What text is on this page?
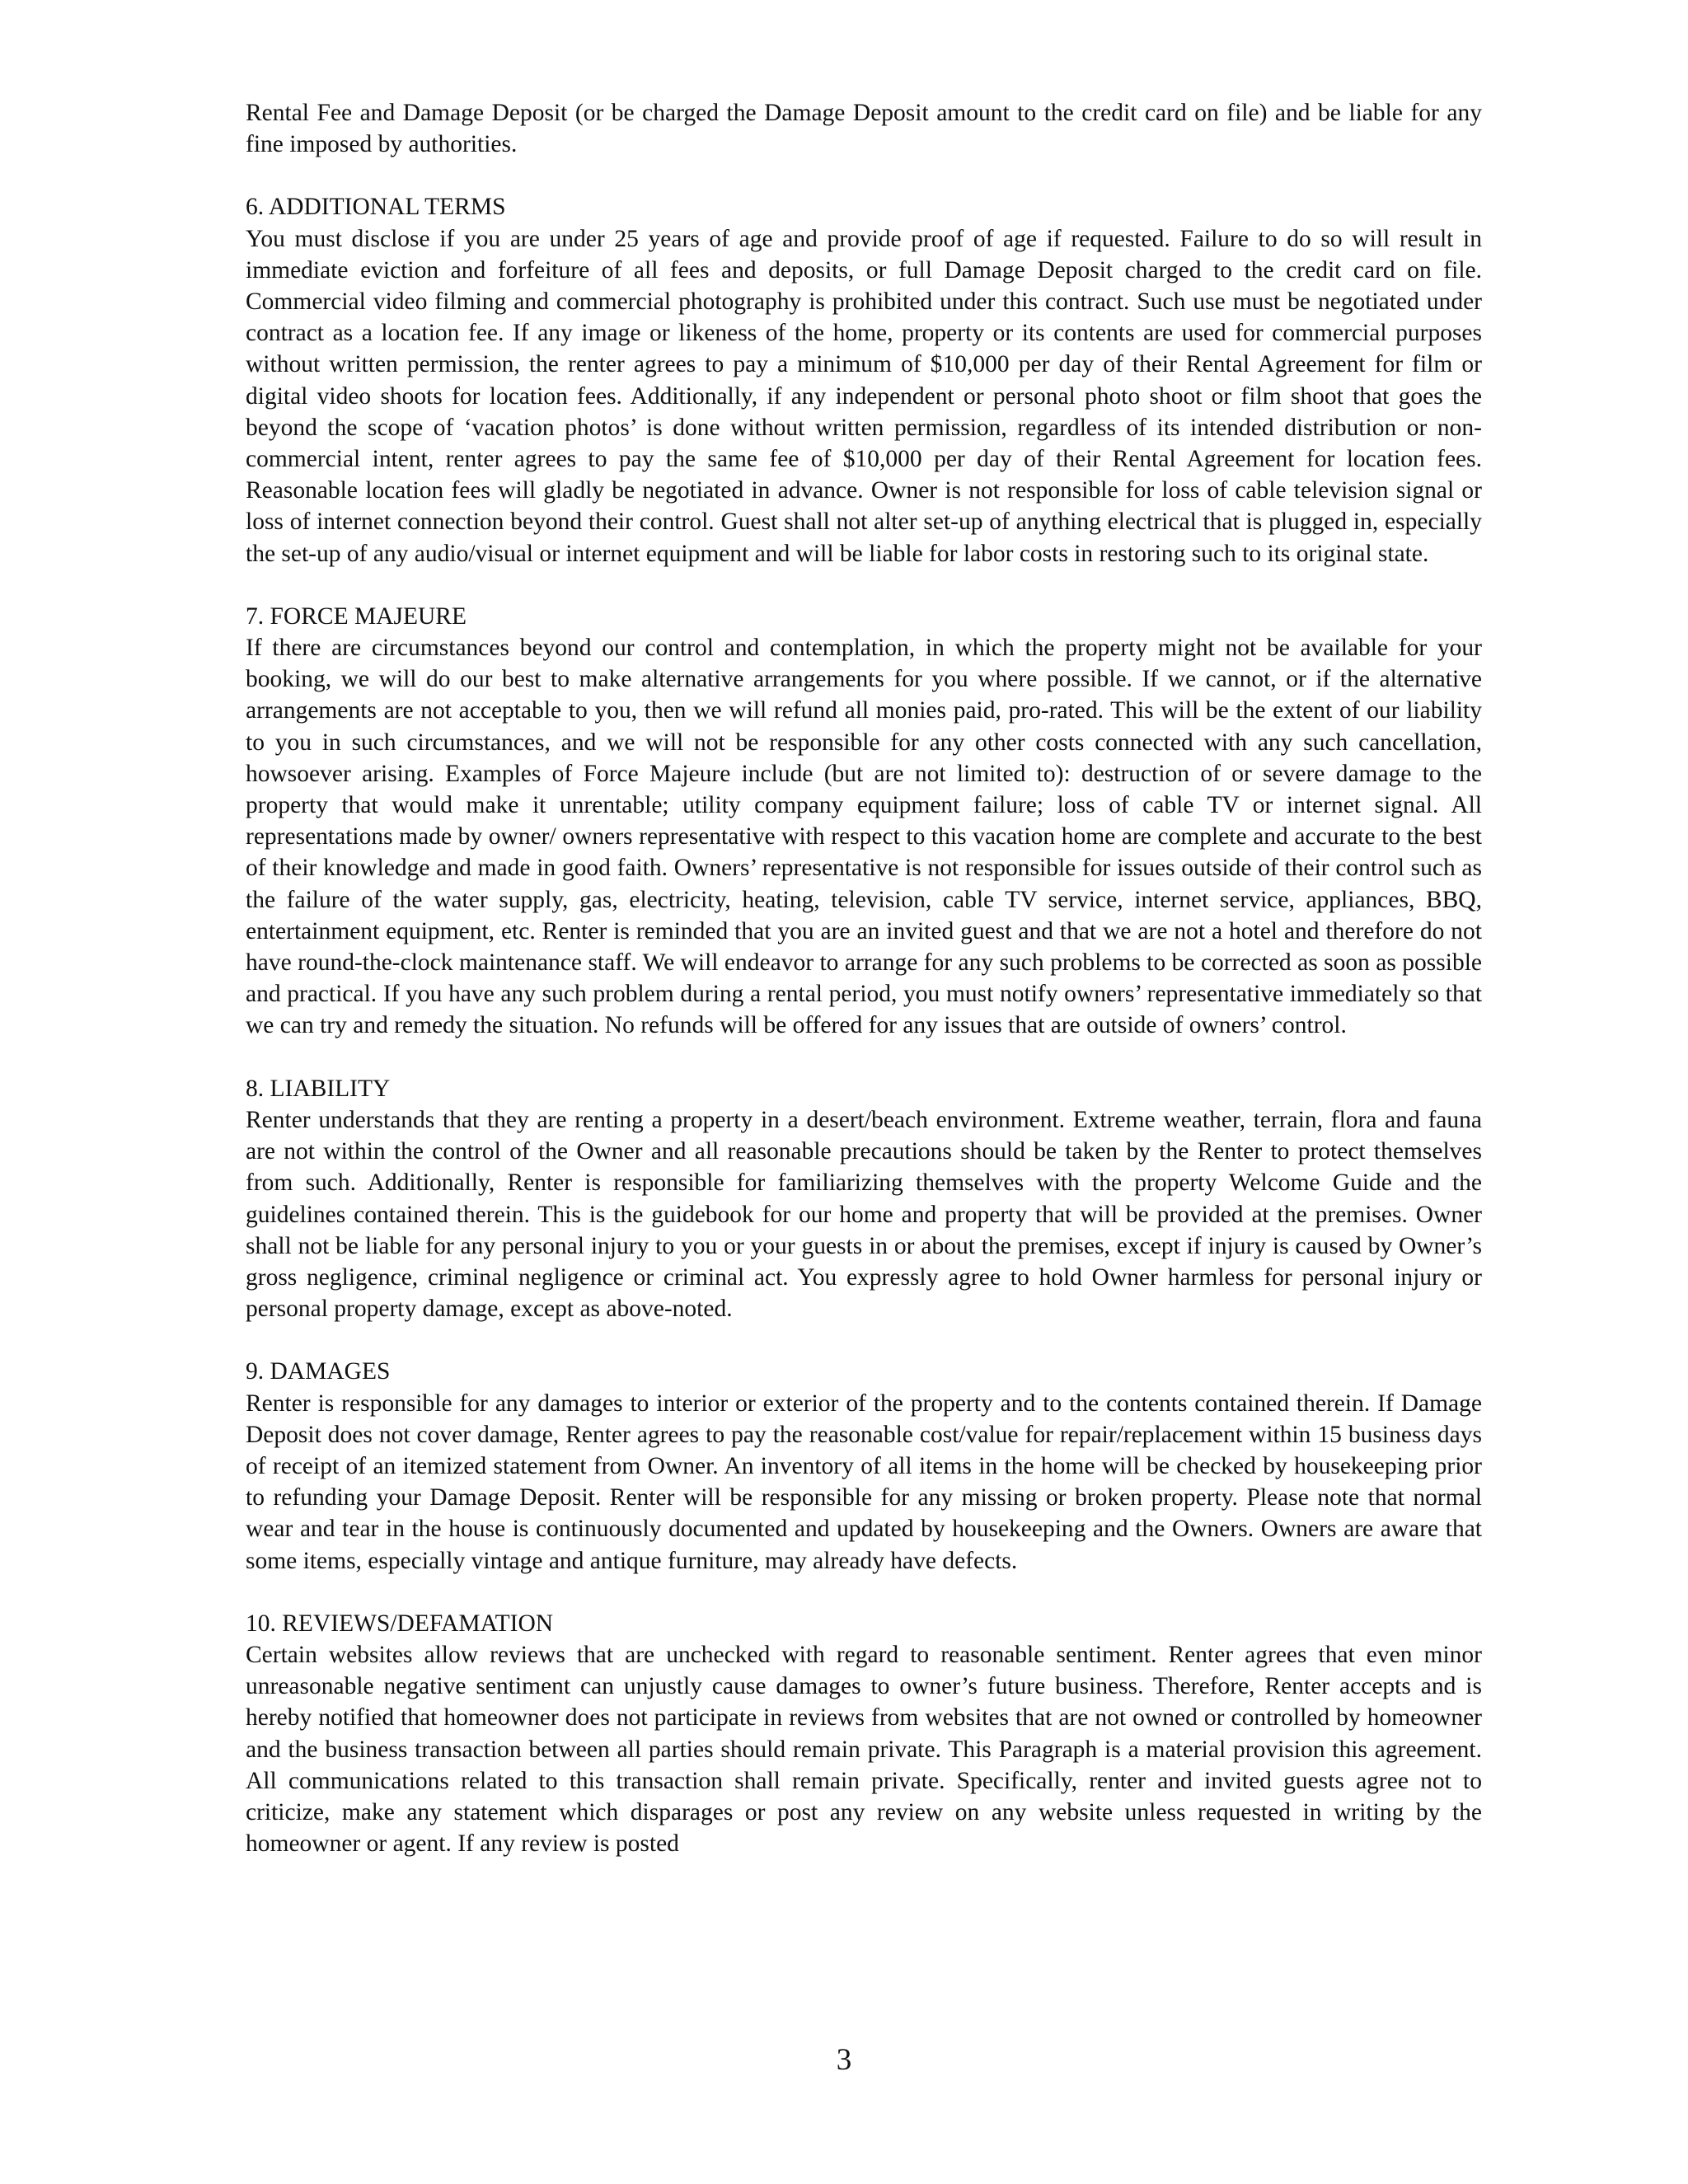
Rental Fee and Damage Deposit (or be charged the Damage Deposit amount to the credit card on file) and be liable for any fine imposed by authorities.
6. ADDITIONAL TERMS
You must disclose if you are under 25 years of age and provide proof of age if requested. Failure to do so will result in immediate eviction and forfeiture of all fees and deposits, or full Damage Deposit charged to the credit card on file. Commercial video filming and commercial photography is prohibited under this contract. Such use must be negotiated under contract as a location fee. If any image or likeness of the home, property or its contents are used for commercial purposes without written permission, the renter agrees to pay a minimum of $10,000 per day of their Rental Agreement for film or digital video shoots for location fees. Additionally, if any independent or personal photo shoot or film shoot that goes the beyond the scope of ‘vacation photos’ is done without written permission, regardless of its intended distribution or non-commercial intent, renter agrees to pay the same fee of $10,000 per day of their Rental Agreement for location fees. Reasonable location fees will gladly be negotiated in advance. Owner is not responsible for loss of cable television signal or loss of internet connection beyond their control. Guest shall not alter set-up of anything electrical that is plugged in, especially the set-up of any audio/visual or internet equipment and will be liable for labor costs in restoring such to its original state.
7. FORCE MAJEURE
If there are circumstances beyond our control and contemplation, in which the property might not be available for your booking, we will do our best to make alternative arrangements for you where possible. If we cannot, or if the alternative arrangements are not acceptable to you, then we will refund all monies paid, pro-rated. This will be the extent of our liability to you in such circumstances, and we will not be responsible for any other costs connected with any such cancellation, howsoever arising. Examples of Force Majeure include (but are not limited to): destruction of or severe damage to the property that would make it unrentable; utility company equipment failure; loss of cable TV or internet signal. All representations made by owner/ owners representative with respect to this vacation home are complete and accurate to the best of their knowledge and made in good faith. Owners’ representative is not responsible for issues outside of their control such as the failure of the water supply, gas, electricity, heating, television, cable TV service, internet service, appliances, BBQ, entertainment equipment, etc. Renter is reminded that you are an invited guest and that we are not a hotel and therefore do not have round-the-clock maintenance staff. We will endeavor to arrange for any such problems to be corrected as soon as possible and practical. If you have any such problem during a rental period, you must notify owners’ representative immediately so that we can try and remedy the situation. No refunds will be offered for any issues that are outside of owners’ control.
8. LIABILITY
Renter understands that they are renting a property in a desert/beach environment. Extreme weather, terrain, flora and fauna are not within the control of the Owner and all reasonable precautions should be taken by the Renter to protect themselves from such. Additionally, Renter is responsible for familiarizing themselves with the property Welcome Guide and the guidelines contained therein. This is the guidebook for our home and property that will be provided at the premises. Owner shall not be liable for any personal injury to you or your guests in or about the premises, except if injury is caused by Owner’s gross negligence, criminal negligence or criminal act. You expressly agree to hold Owner harmless for personal injury or personal property damage, except as above-noted.
9. DAMAGES
Renter is responsible for any damages to interior or exterior of the property and to the contents contained therein. If Damage Deposit does not cover damage, Renter agrees to pay the reasonable cost/value for repair/replacement within 15 business days of receipt of an itemized statement from Owner. An inventory of all items in the home will be checked by housekeeping prior to refunding your Damage Deposit. Renter will be responsible for any missing or broken property. Please note that normal wear and tear in the house is continuously documented and updated by housekeeping and the Owners. Owners are aware that some items, especially vintage and antique furniture, may already have defects.
10. REVIEWS/DEFAMATION
Certain websites allow reviews that are unchecked with regard to reasonable sentiment. Renter agrees that even minor unreasonable negative sentiment can unjustly cause damages to owner’s future business. Therefore, Renter accepts and is hereby notified that homeowner does not participate in reviews from websites that are not owned or controlled by homeowner and the business transaction between all parties should remain private. This Paragraph is a material provision this agreement. All communications related to this transaction shall remain private. Specifically, renter and invited guests agree not to criticize, make any statement which disparages or post any review on any website unless requested in writing by the homeowner or agent. If any review is posted
3
